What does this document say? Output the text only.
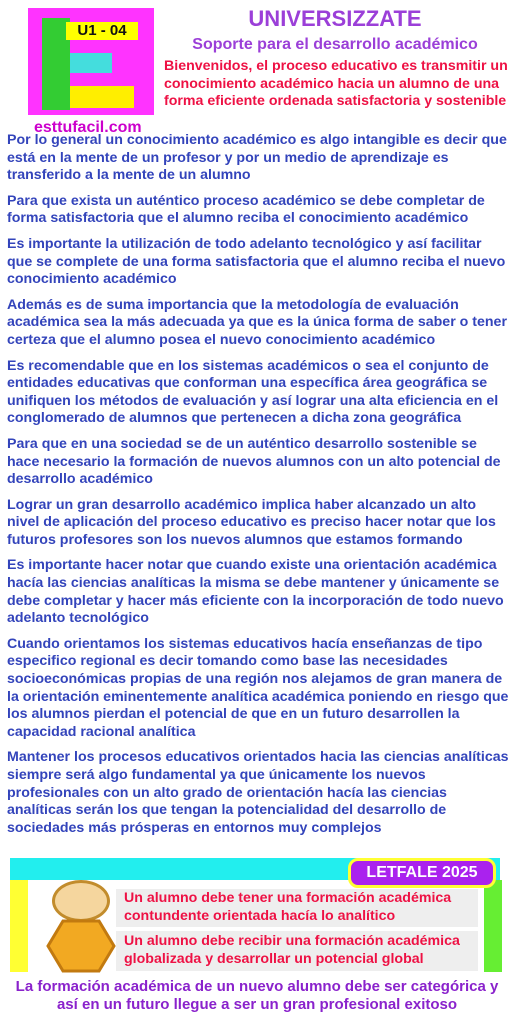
U1 - 04
esttufacil.com
UNIVERSIZZATE
Soporte para el desarrollo académico
Bienvenidos, el proceso educativo es transmitir un conocimiento académico hacia un alumno de una forma eficiente ordenada satisfactoria y sostenible

Por lo general un conocimiento académico es algo intangible es decir que está en la mente de un profesor y por un medio de aprendizaje es transferido a la mente de un alumno

Para que exista un auténtico proceso académico se debe completar de forma satisfactoria que el alumno reciba el conocimiento académico

Es importante la utilización de todo adelanto tecnológico y así facilitar que se complete de una forma satisfactoria que el alumno reciba el nuevo conocimiento académico

Además es de suma importancia que la metodología de evaluación académica sea la más adecuada ya que es la única forma de saber o tener certeza que el alumno posea el nuevo conocimiento académico

Es recomendable que en los sistemas académicos o sea el conjunto de entidades educativas que conforman una específica área geográfica se unifiquen los métodos de evaluación y así lograr una alta eficiencia en el conglomerado de alumnos que pertenecen a dicha zona geográfica

Para que en una sociedad se de un auténtico desarrollo sostenible se hace necesario la formación de nuevos alumnos con un alto potencial de desarrollo académico

Lograr un gran desarrollo académico implica haber alcanzado un alto nivel de aplicación del proceso educativo es preciso hacer notar que los futuros profesores son los nuevos alumnos que estamos formando

Es importante hacer notar que cuando existe una orientación académica hacía las ciencias analíticas la misma se debe mantener y únicamente se debe completar y hacer más eficiente con la incorporación de todo nuevo adelanto tecnológico

Cuando orientamos los sistemas educativos hacía enseñanzas de tipo especifico regional es decir tomando como base las necesidades socioeconómicas propias de una región nos alejamos de gran manera de la orientación eminentemente analítica académica poniendo en riesgo que los alumnos pierdan el potencial de que en un futuro desarrollen la capacidad racional analítica

Mantener los procesos educativos orientados hacia las ciencias analíticas siempre será algo fundamental ya que únicamente los nuevos profesionales con un alto grado de orientación hacía las ciencias analíticas serán los que tengan la potencialidad del desarrollo de sociedades más prósperas en entornos muy complejos

LETFALE 2025
Un alumno debe tener una formación académica contundente orientada hacía lo analítico
Un alumno debe recibir una formación académica globalizada y desarrollar un potencial global
La formación académica de un nuevo alumno debe ser categórica y así en un futuro llegue a ser un gran profesional exitoso
